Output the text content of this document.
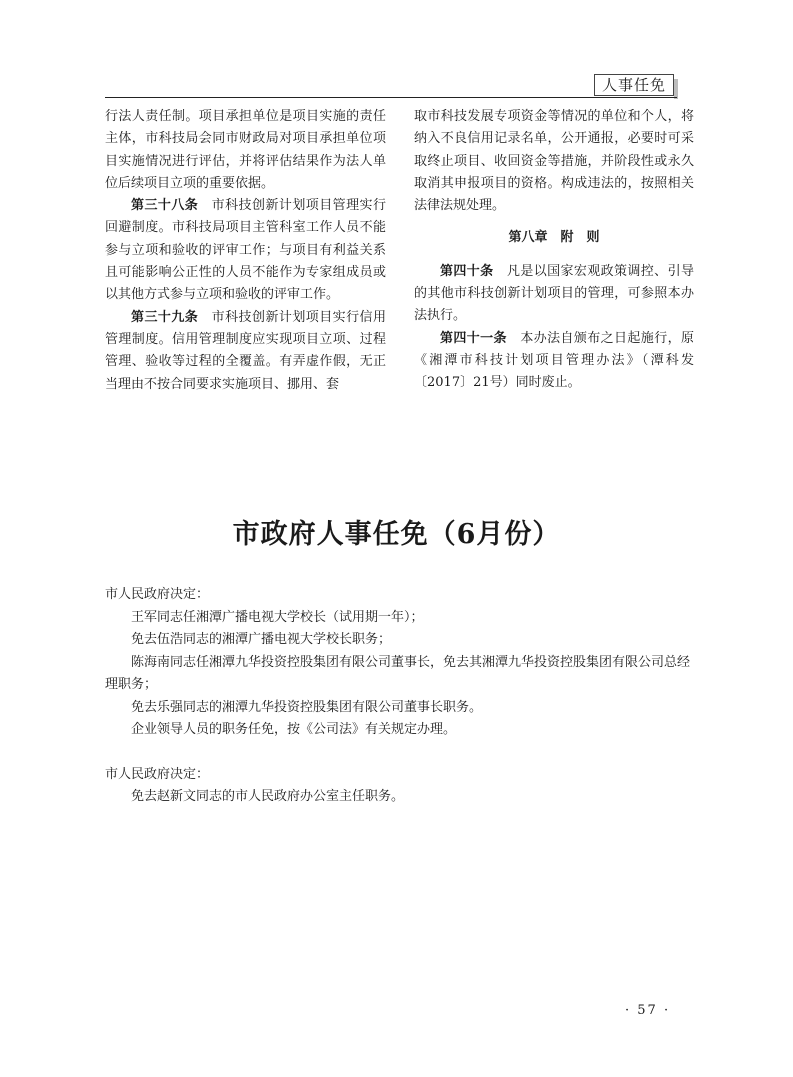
人事任免

行法人责任制。项目承担单位是项目实施的责任主体，市科技局会同市财政局对项目承担单位项目实施情况进行评估，并将评估结果作为法人单位后续项目立项的重要依据。

第三十八条　 市科技创新计划项目管理实行回避制度。市科技局项目主管科室工作人员不能参与立项和验收的评审工作；与项目有利益关系且可能影响公正性的人员不能作为专家组成员或以其他方式参与立项和验收的评审工作。

第三十九条　 市科技创新计划项目实行信用管理制度。信用管理制度应实现项目立项、过程管理、验收等过程的全覆盖。有弄虚作假，无正当理由不按合同要求实施项目、挪用、套

取市科技发展专项资金等情况的单位和个人，将纳入不良信用记录名单，公开通报，必要时可采取终止项目、收回资金等措施，并阶段性或永久取消其申报项目的资格。构成违法的，按照相关法律法规处理。

第八章　附　则

第四十条　 凡是以国家宏观政策调控、引导的其他市科技创新计划项目的管理，可参照本办法执行。

第四十一条　 本办法自颁布之日起施行，原《湘潭市科技计划项目管理办法》（潭科发〔2017〕21号）同时废止。

市政府人事任免（6月份）

市人民政府决定：

王军同志任湘潭广播电视大学校长（试用期一年）；

免去伍浩同志的湘潭广播电视大学校长职务；

陈海南同志任湘潭九华投资控股集团有限公司董事长，免去其湘潭九华投资控股集团有限公司总经理职务；

免去乐强同志的湘潭九华投资控股集团有限公司董事长职务。

企业领导人员的职务任免，按《公司法》有关规定办理。

市人民政府决定：

免去赵新文同志的市人民政府办公室主任职务。

· 57 ·
